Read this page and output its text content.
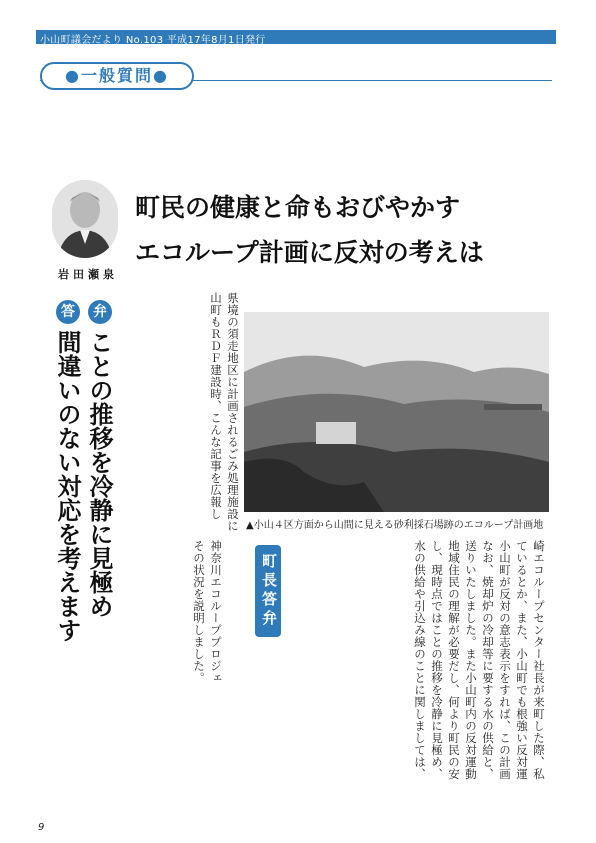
小山町議会だより No.103 平成17年8月1日発行
●一般質問●
町民の健康と命もおびやかす
エコループ計画に反対の考えは
岩田瀬泉
県境の須走地区に計画されるごみ処理施設に
山町もＲＤＦ建設時、こんな記事を広報し
弁
答
ことの推移を冷静に見極め
間違いのない対応を考えます	▲小山４区方面から山間に見える砂利採石場跡のエコループ計画地
神奈川エコループプロジェ
その状況を説明しました。
町長答弁
崎エコループセンター社長が来町した際、私
ているとか、また、小山町でも根強い反対運
小山町が反対の意志表示をすれば、この計画
なお、焼却炉の冷却等に要する水の供給と、
送りいたしました。また小山町内の反対運動
地域住民の理解が必要だし、何より町民の安
し、現時点ではことの推移を冷静に見極め、
水の供給や引込み線のことに関しましては、
9
